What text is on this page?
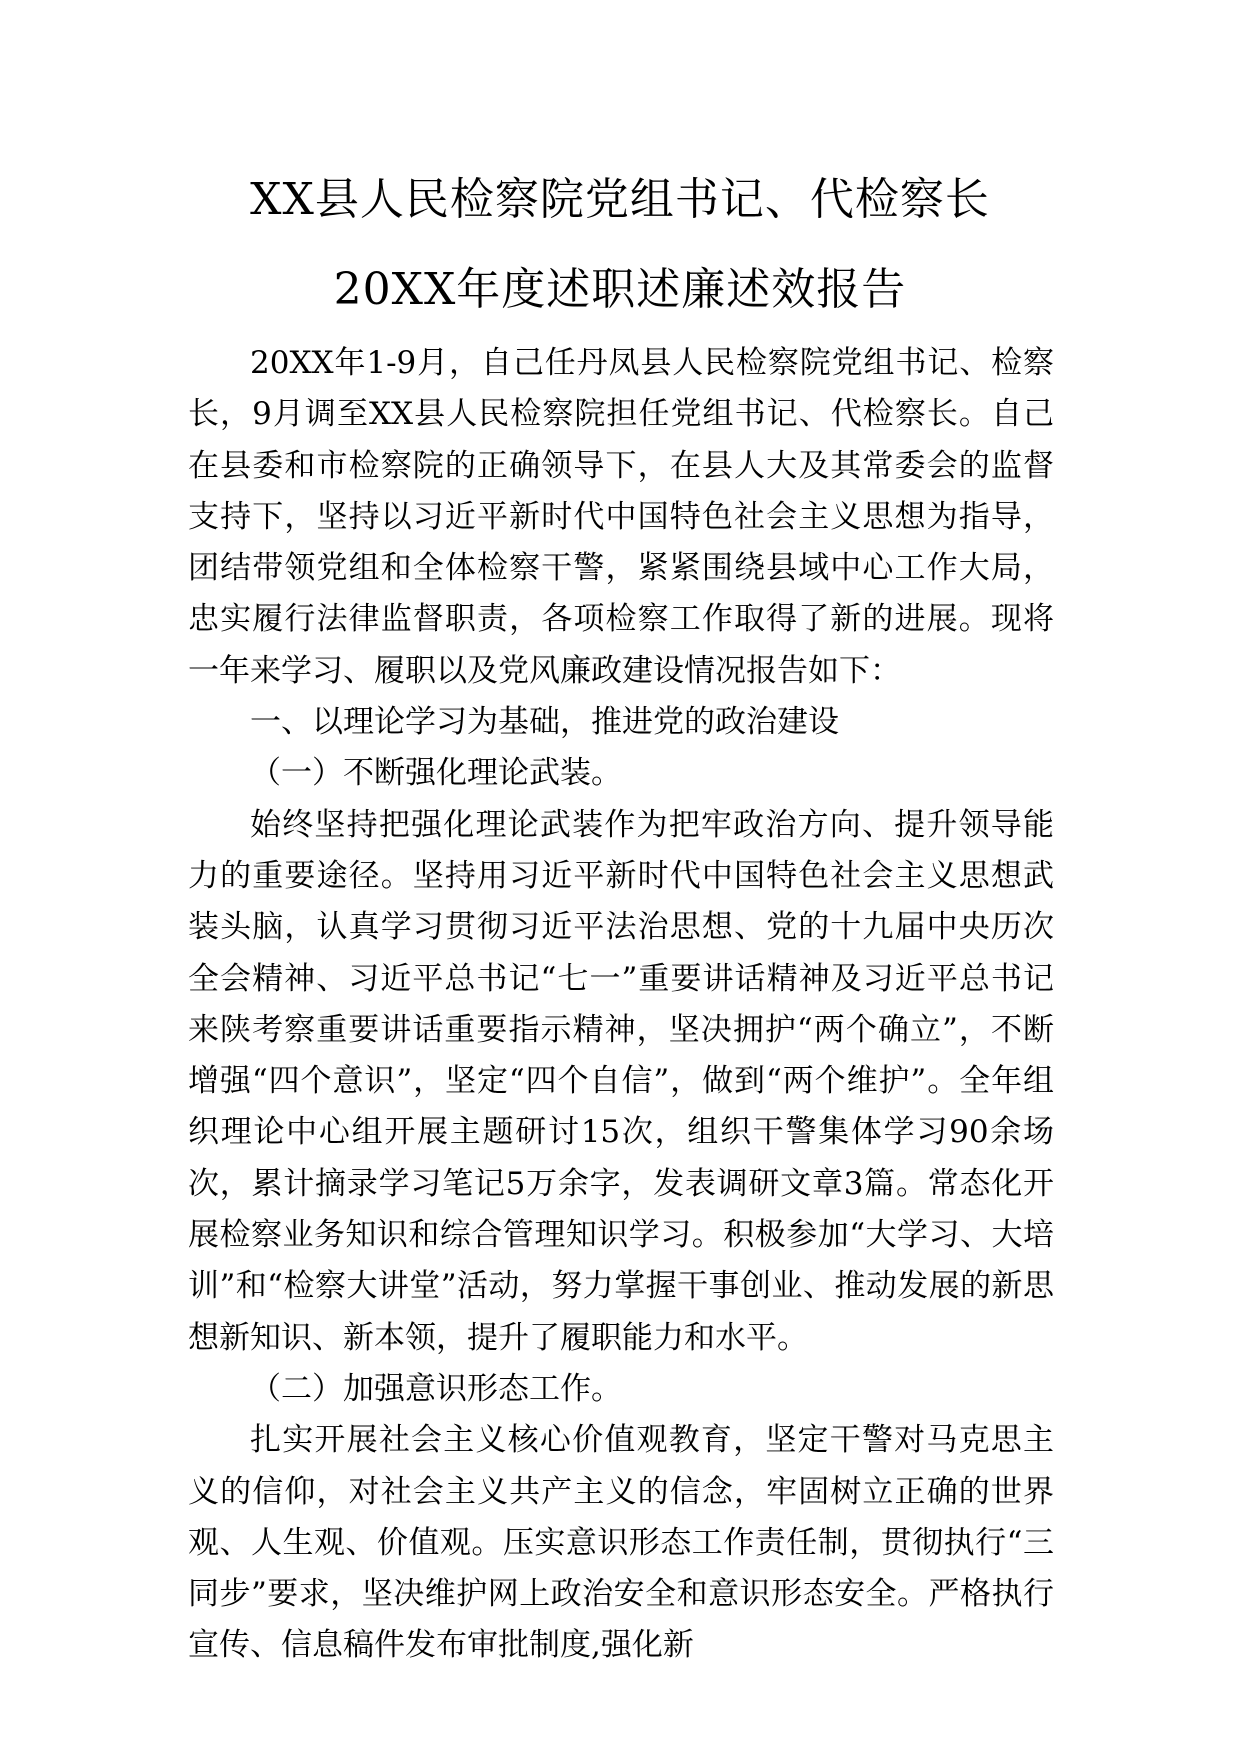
XX县人民检察院党组书记、代检察长
20XX年度述职述廉述效报告

20XX年1-9月，自己任丹凤县人民检察院党组书记、检察长，9月调至XX县人民检察院担任党组书记、代检察长。自己在县委和市检察院的正确领导下，在县人大及其常委会的监督支持下，坚持以习近平新时代中国特色社会主义思想为指导，团结带领党组和全体检察干警，紧紧围绕县域中心工作大局，忠实履行法律监督职责，各项检察工作取得了新的进展。现将一年来学习、履职以及党风廉政建设情况报告如下：

一、以理论学习为基础，推进党的政治建设

（一）不断强化理论武装。

始终坚持把强化理论武装作为把牢政治方向、提升领导能力的重要途径。坚持用习近平新时代中国特色社会主义思想武装头脑，认真学习贯彻习近平法治思想、党的十九届中央历次全会精神、习近平总书记“七一”重要讲话精神及习近平总书记来陕考察重要讲话重要指示精神，坚决拥护“两个确立”，不断增强“四个意识”，坚定“四个自信”，做到“两个维护”。全年组织理论中心组开展主题研讨15次，组织干警集体学习90余场次，累计摘录学习笔记5万余字，发表调研文章3篇。常态化开展检察业务知识和综合管理知识学习。积极参加“大学习、大培训”和“检察大讲堂”活动，努力掌握干事创业、推动发展的新思想新知识、新本领，提升了履职能力和水平。

（二）加强意识形态工作。

扎实开展社会主义核心价值观教育，坚定干警对马克思主义的信仰，对社会主义共产主义的信念，牢固树立正确的世界观、人生观、价值观。压实意识形态工作责任制，贯彻执行“三同步”要求，坚决维护网上政治安全和意识形态安全。严格执行宣传、信息稿件发布审批制度,强化新
